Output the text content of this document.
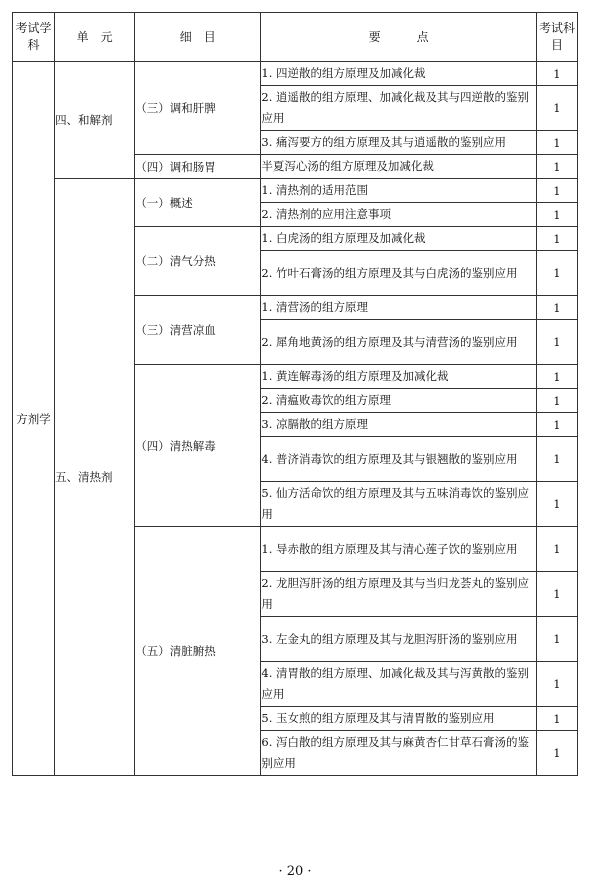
考试学科	单　元	细　目	要　　　点	考试科目
方剂学	四、和解剂	（三）调和肝脾	1. 四逆散的组方原理及加减化裁	1
			2. 逍遥散的组方原理、加减化裁及其与四逆散的鉴别应用	1
			3. 痛泻要方的组方原理及其与逍遥散的鉴别应用	1
		（四）调和肠胃	半夏泻心汤的组方原理及加减化裁	1
	五、清热剂	（一）概述	1. 清热剂的适用范围	1
			2. 清热剂的应用注意事项	1
		（二）清气分热	1. 白虎汤的组方原理及加减化裁	1
			2. 竹叶石膏汤的组方原理及其与白虎汤的鉴别应用	1
		（三）清营凉血	1. 清营汤的组方原理	1
			2. 犀角地黄汤的组方原理及其与清营汤的鉴别应用	1
		（四）清热解毒	1. 黄连解毒汤的组方原理及加减化裁	1
			2. 清瘟败毒饮的组方原理	1
			3. 凉膈散的组方原理	1
			4. 普济消毒饮的组方原理及其与银翘散的鉴别应用	1
			5. 仙方活命饮的组方原理及其与五味消毒饮的鉴别应用	1
		（五）清脏腑热	1. 导赤散的组方原理及其与清心莲子饮的鉴别应用	1
			2. 龙胆泻肝汤的组方原理及其与当归龙荟丸的鉴别应用	1
			3. 左金丸的组方原理及其与龙胆泻肝汤的鉴别应用	1
			4. 清胃散的组方原理、加减化裁及其与泻黄散的鉴别应用	1
			5. 玉女煎的组方原理及其与清胃散的鉴别应用	1
			6. 泻白散的组方原理及其与麻黄杏仁甘草石膏汤的鉴别应用	1
· 20 ·
